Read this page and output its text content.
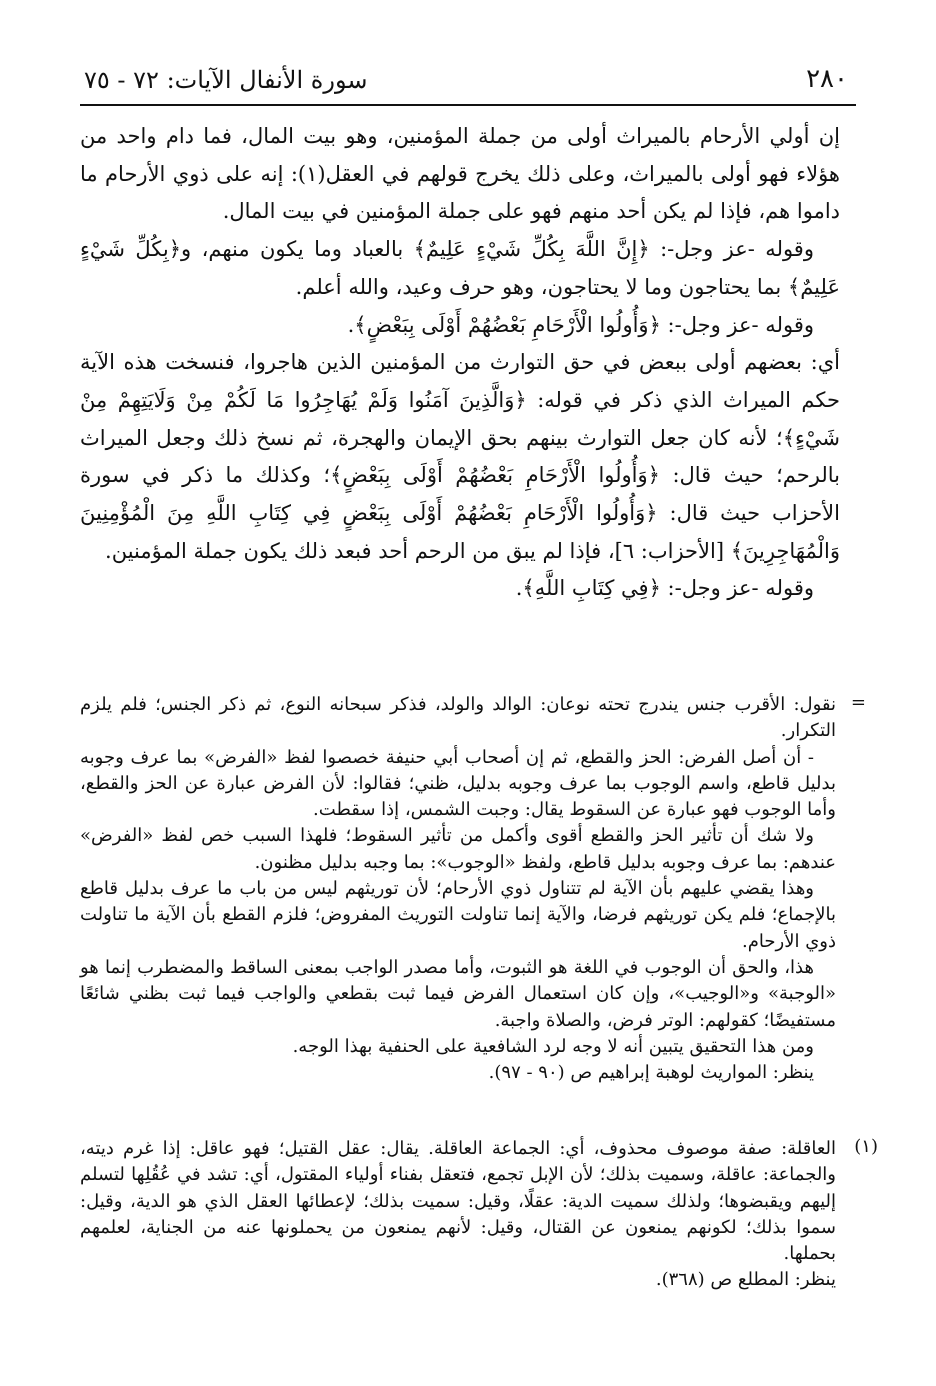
٢٨٠
سورة الأنفال الآيات: ٧٢ - ٧٥

إن أولي الأرحام بالميراث أولى من جملة المؤمنين، وهو بيت المال، فما دام واحد من هؤلاء فهو أولى بالميراث، وعلى ذلك يخرج قولهم في العقل(١): إنه على ذوي الأرحام ما داموا هم، فإذا لم يكن أحد منهم فهو على جملة المؤمنين في بيت المال.

وقوله -عز وجل-: ﴿إِنَّ اللَّهَ بِكُلِّ شَيْءٍ عَلِيمٌ﴾ بالعباد وما يكون منهم، و﴿بِكُلِّ شَيْءٍ عَلِيمٌ﴾ بما يحتاجون وما لا يحتاجون، وهو حرف وعيد، والله أعلم.

وقوله -عز وجل-: ﴿وَأُولُوا الْأَرْحَامِ بَعْضُهُمْ أَوْلَى بِبَعْضٍ﴾.

أي: بعضهم أولى ببعض في حق التوارث من المؤمنين الذين هاجروا، فنسخت هذه الآية حكم الميراث الذي ذكر في قوله: ﴿وَالَّذِينَ آمَنُوا وَلَمْ يُهَاجِرُوا مَا لَكُمْ مِنْ وَلَايَتِهِمْ مِنْ شَيْءٍ﴾؛ لأنه كان جعل التوارث بينهم بحق الإيمان والهجرة، ثم نسخ ذلك وجعل الميراث بالرحم؛ حيث قال: ﴿وَأُولُوا الْأَرْحَامِ بَعْضُهُمْ أَوْلَى بِبَعْضٍ﴾؛ وكذلك ما ذكر في سورة الأحزاب حيث قال: ﴿وَأُولُوا الْأَرْحَامِ بَعْضُهُمْ أَوْلَى بِبَعْضٍ فِي كِتَابِ اللَّهِ مِنَ الْمُؤْمِنِينَ وَالْمُهَاجِرِينَ﴾ [الأحزاب: ٦]، فإذا لم يبق من الرحم أحد فبعد ذلك يكون جملة المؤمنين.

وقوله -عز وجل-: ﴿فِي كِتَابِ اللَّهِ﴾.

=

نقول: الأقرب جنس يندرج تحته نوعان: الوالد والولد، فذكر سبحانه النوع، ثم ذكر الجنس؛ فلم يلزم التكرار.

- أن أصل الفرض: الحز والقطع، ثم إن أصحاب أبي حنيفة خصصوا لفظ «الفرض» بما عرف وجوبه بدليل قاطع، واسم الوجوب بما عرف وجوبه بدليل، ظني؛ فقالوا: لأن الفرض عبارة عن الحز والقطع، وأما الوجوب فهو عبارة عن السقوط يقال: وجبت الشمس، إذا سقطت.

ولا شك أن تأثير الحز والقطع أقوى وأكمل من تأثير السقوط؛ فلهذا السبب خص لفظ «الفرض» عندهم: بما عرف وجوبه بدليل قاطع، ولفظ «الوجوب»: بما وجبه بدليل مظنون.

وهذا يقضي عليهم بأن الآية لم تتناول ذوي الأرحام؛ لأن توريثهم ليس من باب ما عرف بدليل قاطع بالإجماع؛ فلم يكن توريثهم فرضا، والآية إنما تناولت التوريث المفروض؛ فلزم القطع بأن الآية ما تناولت ذوي الأرحام.

هذا، والحق أن الوجوب في اللغة هو الثبوت، وأما مصدر الواجب بمعنى الساقط والمضطرب إنما هو «الوجبة» و«الوجيب»، وإن كان استعمال الفرض فيما ثبت بقطعي والواجب فيما ثبت بظني شائعًا مستفيضًا؛ كقولهم: الوتر فرض، والصلاة واجبة.

ومن هذا التحقيق يتبين أنه لا وجه لرد الشافعية على الحنفية بهذا الوجه.

ينظر: المواريث لوهبة إبراهيم ص (٩٠ - ٩٧).

(١)

العاقلة: صفة موصوف محذوف، أي: الجماعة العاقلة. يقال: عقل القتيل؛ فهو عاقل: إذا غرم ديته، والجماعة: عاقلة، وسميت بذلك؛ لأن الإبل تجمع، فتعقل بفناء أولياء المقتول، أي: تشد في عُقُلِها لتسلم إليهم ويقبضوها؛ ولذلك سميت الدية: عقلًا، وقيل: سميت بذلك؛ لإعطائها العقل الذي هو الدية، وقيل: سموا بذلك؛ لكونهم يمنعون عن القتال، وقيل: لأنهم يمنعون من يحملونها عنه من الجناية، لعلمهم بحملها.

ينظر: المطلع ص (٣٦٨).
